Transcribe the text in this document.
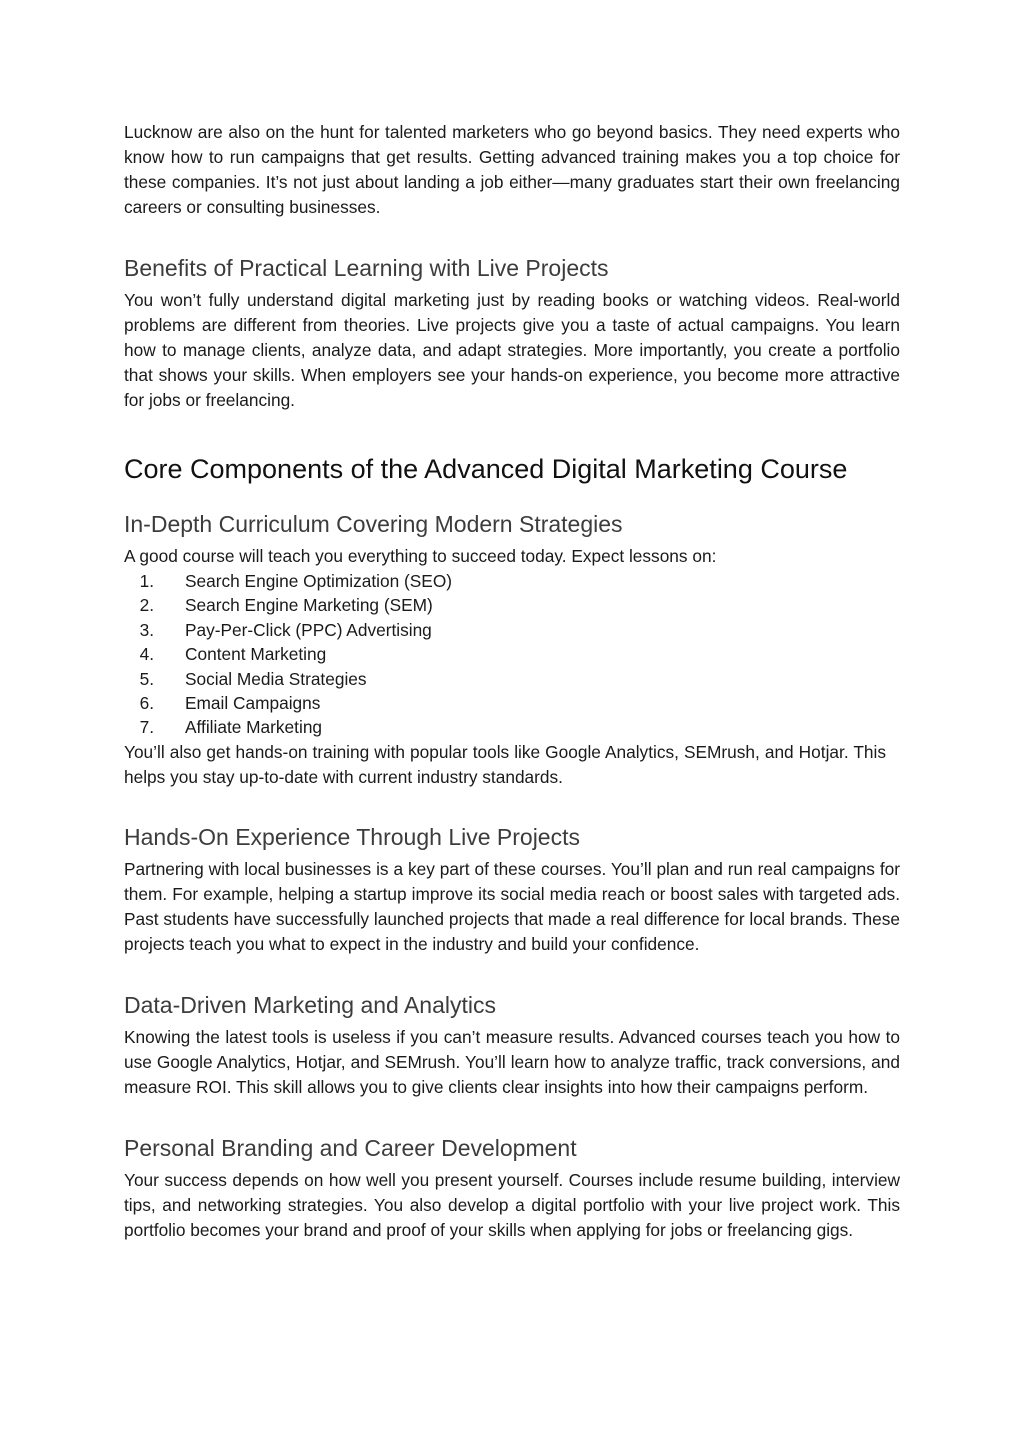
Lucknow are also on the hunt for talented marketers who go beyond basics. They need experts who know how to run campaigns that get results. Getting advanced training makes you a top choice for these companies. It’s not just about landing a job either—many graduates start their own freelancing careers or consulting businesses.

Benefits of Practical Learning with Live Projects

You won’t fully understand digital marketing just by reading books or watching videos. Real-world problems are different from theories. Live projects give you a taste of actual campaigns. You learn how to manage clients, analyze data, and adapt strategies. More importantly, you create a portfolio that shows your skills. When employers see your hands-on experience, you become more attractive for jobs or freelancing.

Core Components of the Advanced Digital Marketing Course
In-Depth Curriculum Covering Modern Strategies

A good course will teach you everything to succeed today. Expect lessons on:

1. Search Engine Optimization (SEO)
2. Search Engine Marketing (SEM)
3. Pay-Per-Click (PPC) Advertising
4. Content Marketing
5. Social Media Strategies
6. Email Campaigns
7. Affiliate Marketing

You’ll also get hands-on training with popular tools like Google Analytics, SEMrush, and Hotjar. This helps you stay up-to-date with current industry standards.

Hands-On Experience Through Live Projects

Partnering with local businesses is a key part of these courses. You’ll plan and run real campaigns for them. For example, helping a startup improve its social media reach or boost sales with targeted ads. Past students have successfully launched projects that made a real difference for local brands. These projects teach you what to expect in the industry and build your confidence.

Data-Driven Marketing and Analytics

Knowing the latest tools is useless if you can’t measure results. Advanced courses teach you how to use Google Analytics, Hotjar, and SEMrush. You’ll learn how to analyze traffic, track conversions, and measure ROI. This skill allows you to give clients clear insights into how their campaigns perform.

Personal Branding and Career Development

Your success depends on how well you present yourself. Courses include resume building, interview tips, and networking strategies. You also develop a digital portfolio with your live project work. This portfolio becomes your brand and proof of your skills when applying for jobs or freelancing gigs.
